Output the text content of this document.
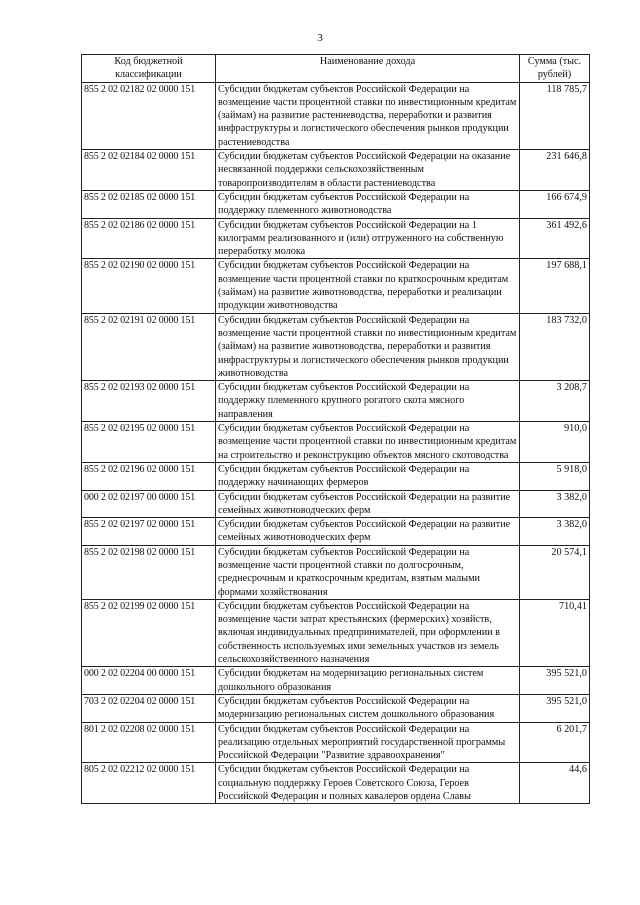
3
Код бюджетной классификации	Наименование дохода	Сумма (тыс. рублей)
855 2 02 02182 02 0000 151	Субсидии бюджетам субъектов Российской Федерации на возмещение части процентной ставки по инвестиционным кредитам (займам) на развитие растениеводства, переработки и развития инфраструктуры и логистического обеспечения рынков продукции растениеводства	118 785,7
855 2 02 02184 02 0000 151	Субсидии бюджетам субъектов Российской Федерации на оказание несвязанной поддержки сельскохозяйственным товаропроизводителям в области растениеводства	231 646,8
855 2 02 02185 02 0000 151	Субсидии бюджетам субъектов Российской Федерации на поддержку племенного животноводства	166 674,9
855 2 02 02186 02 0000 151	Субсидии бюджетам субъектов Российской Федерации на 1 килограмм реализованного и (или) отгруженного на собственную переработку молока	361 492,6
855 2 02 02190 02 0000 151	Субсидии бюджетам субъектов Российской Федерации на возмещение части процентной ставки по краткосрочным кредитам (займам) на развитие животноводства, переработки и реализации продукции животноводства	197 688,1
855 2 02 02191 02 0000 151	Субсидии бюджетам субъектов Российской Федерации на возмещение части процентной ставки по инвестиционным кредитам (займам) на развитие животноводства, переработки и развития инфраструктуры и логистического обеспечения рынков продукции животноводства	183 732,0
855 2 02 02193 02 0000 151	Субсидии бюджетам субъектов Российской Федерации на поддержку племенного крупного рогатого скота мясного направления	3 208,7
855 2 02 02195 02 0000 151	Субсидии бюджетам субъектов Российской Федерации на возмещение части процентной ставки по инвестиционным кредитам на строительство и реконструкцию объектов мясного скотоводства	910,0
855 2 02 02196 02 0000 151	Субсидии бюджетам субъектов Российской Федерации на поддержку начинающих фермеров	5 918,0
000 2 02 02197 00 0000 151	Субсидии бюджетам субъектов Российской Федерации на развитие семейных животноводческих ферм	3 382,0
855 2 02 02197 02 0000 151	Субсидии бюджетам субъектов Российской Федерации на развитие семейных животноводческих ферм	3 382,0
855 2 02 02198 02 0000 151	Субсидии бюджетам субъектов Российской Федерации на возмещение части процентной ставки по долгосрочным, среднесрочным и краткосрочным кредитам, взятым малыми формами хозяйствования	20 574,1
855 2 02 02199 02 0000 151	Субсидии бюджетам субъектов Российской Федерации на возмещение части затрат крестьянских (фермерских) хозяйств, включая индивидуальных предпринимателей, при оформлении в собственность используемых ими земельных участков из земель сельскохозяйственного назначения	710,41
000 2 02 02204 00 0000 151	Субсидии бюджетам на модернизацию региональных систем дошкольного образования	395 521,0
703 2 02 02204 02 0000 151	Субсидии бюджетам субъектов Российской Федерации на модернизацию региональных систем дошкольного образования	395 521,0
801 2 02 02208 02 0000 151	Субсидии бюджетам субъектов Российской Федерации на реализацию отдельных мероприятий государственной программы Российской Федерации "Развитие здравоохранения"	6 201,7
805 2 02 02212 02 0000 151	Субсидии бюджетам субъектов Российской Федерации на социальную поддержку Героев Советского Союза, Героев Российской Федерации и полных кавалеров ордена Славы	44,6
